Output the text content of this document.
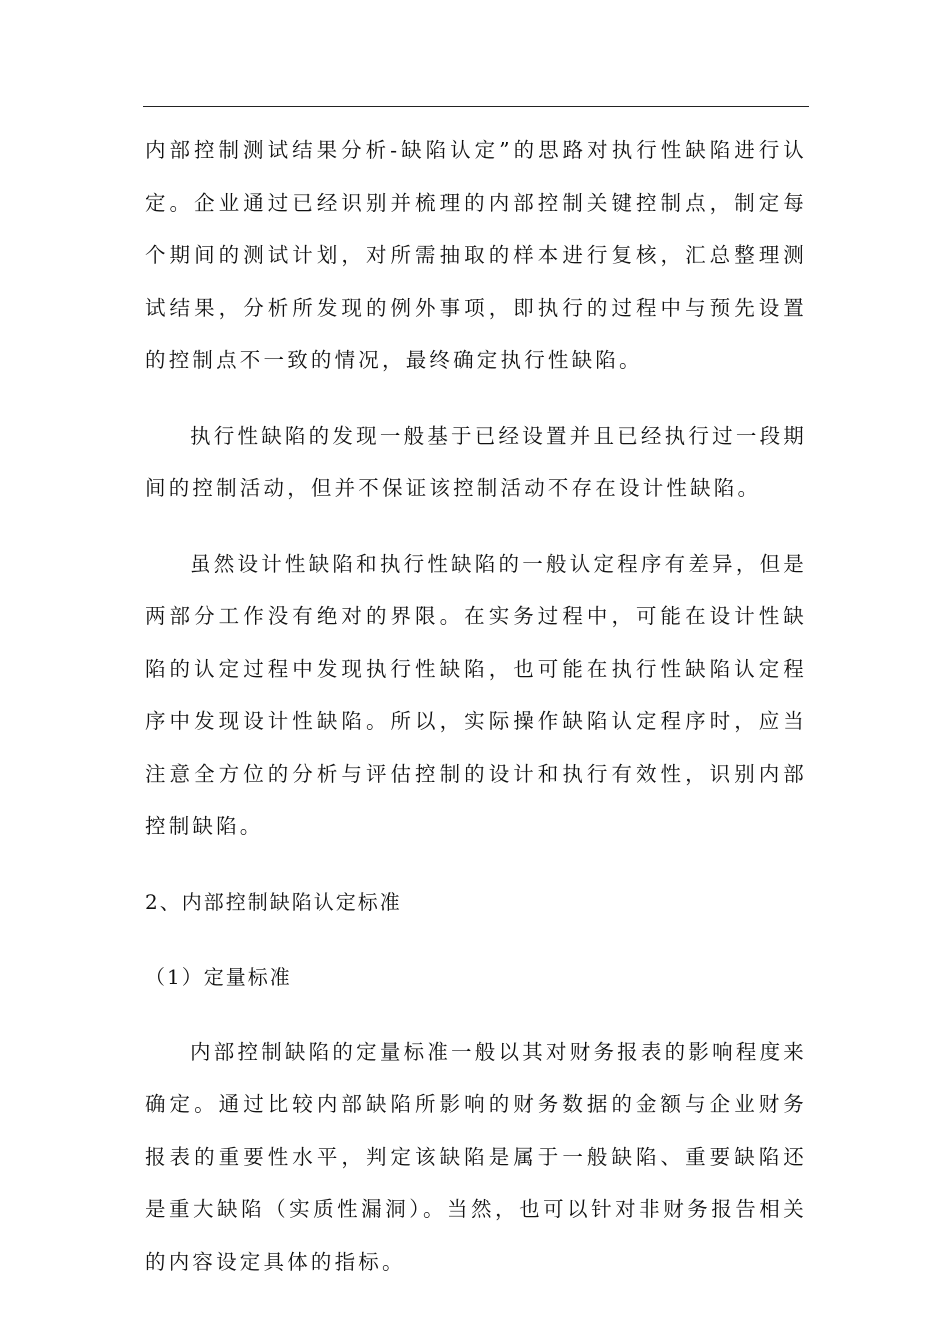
内部控制测试结果分析-缺陷认定”的思路对执行性缺陷进行认定。企业通过已经识别并梳理的内部控制关键控制点，制定每个期间的测试计划，对所需抽取的样本进行复核，汇总整理测试结果，分析所发现的例外事项，即执行的过程中与预先设置的控制点不一致的情况，最终确定执行性缺陷。

执行性缺陷的发现一般基于已经设置并且已经执行过一段期间的控制活动，但并不保证该控制活动不存在设计性缺陷。

虽然设计性缺陷和执行性缺陷的一般认定程序有差异，但是两部分工作没有绝对的界限。在实务过程中，可能在设计性缺陷的认定过程中发现执行性缺陷，也可能在执行性缺陷认定程序中发现设计性缺陷。所以，实际操作缺陷认定程序时，应当注意全方位的分析与评估控制的设计和执行有效性，识别内部控制缺陷。

2、内部控制缺陷认定标准

（1）定量标准

内部控制缺陷的定量标准一般以其对财务报表的影响程度来确定。通过比较内部缺陷所影响的财务数据的金额与企业财务报表的重要性水平，判定该缺陷是属于一般缺陷、重要缺陷还是重大缺陷（实质性漏洞）。当然，也可以针对非财务报告相关的内容设定具体的指标。
